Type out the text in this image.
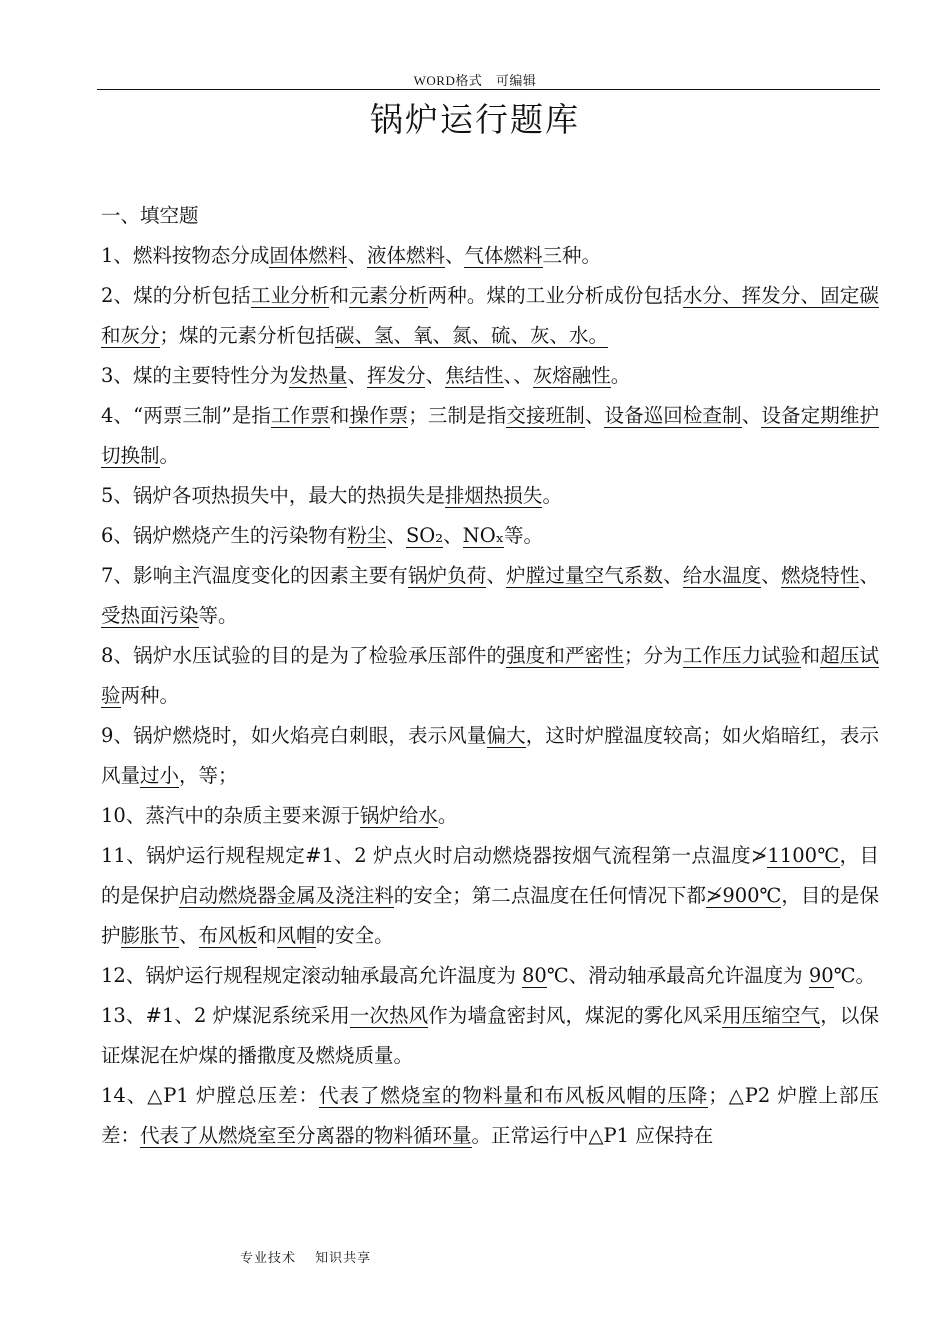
WORD格式　可编辑
锅炉运行题库

一、填空题

1、燃料按物态分成固体燃料、液体燃料、气体燃料三种。

2、煤的分析包括工业分析和元素分析两种。煤的工业分析成份包括水分、挥发分、固定碳和灰分；煤的元素分析包括碳、氢、氧、氮、硫、灰、水。

3、煤的主要特性分为发热量、挥发分、焦结性、、灰熔融性。

4、“两票三制”是指工作票和操作票；三制是指交接班制、设备巡回检查制、设备定期维护切换制。

5、锅炉各项热损失中，最大的热损失是排烟热损失。

6、锅炉燃烧产生的污染物有粉尘、SO₂、NOₓ等。

7、影响主汽温度变化的因素主要有锅炉负荷、炉膛过量空气系数、给水温度、燃烧特性、受热面污染等。

8、锅炉水压试验的目的是为了检验承压部件的强度和严密性；分为工作压力试验和超压试验两种。

9、锅炉燃烧时，如火焰亮白刺眼，表示风量偏大，这时炉膛温度较高；如火焰暗红，表示风量过小，等；

10、蒸汽中的杂质主要来源于锅炉给水。

11、锅炉运行规程规定#1、2 炉点火时启动燃烧器按烟气流程第一点温度≯1100℃，目的是保护启动燃烧器金属及浇注料的安全；第二点温度在任何情况下都≯900℃，目的是保护膨胀节、布风板和风帽的安全。

12、锅炉运行规程规定滚动轴承最高允许温度为 80℃、滑动轴承最高允许温度为 90℃。

13、#1、2 炉煤泥系统采用一次热风作为墙盒密封风，煤泥的雾化风采用压缩空气，以保证煤泥在炉煤的播撒度及燃烧质量。

14、△P1 炉膛总压差：代表了燃烧室的物料量和布风板风帽的压降；△P2 炉膛上部压差：代表了从燃烧室至分离器的物料循环量。正常运行中△P1 应保持在

专业技术　 知识共享
